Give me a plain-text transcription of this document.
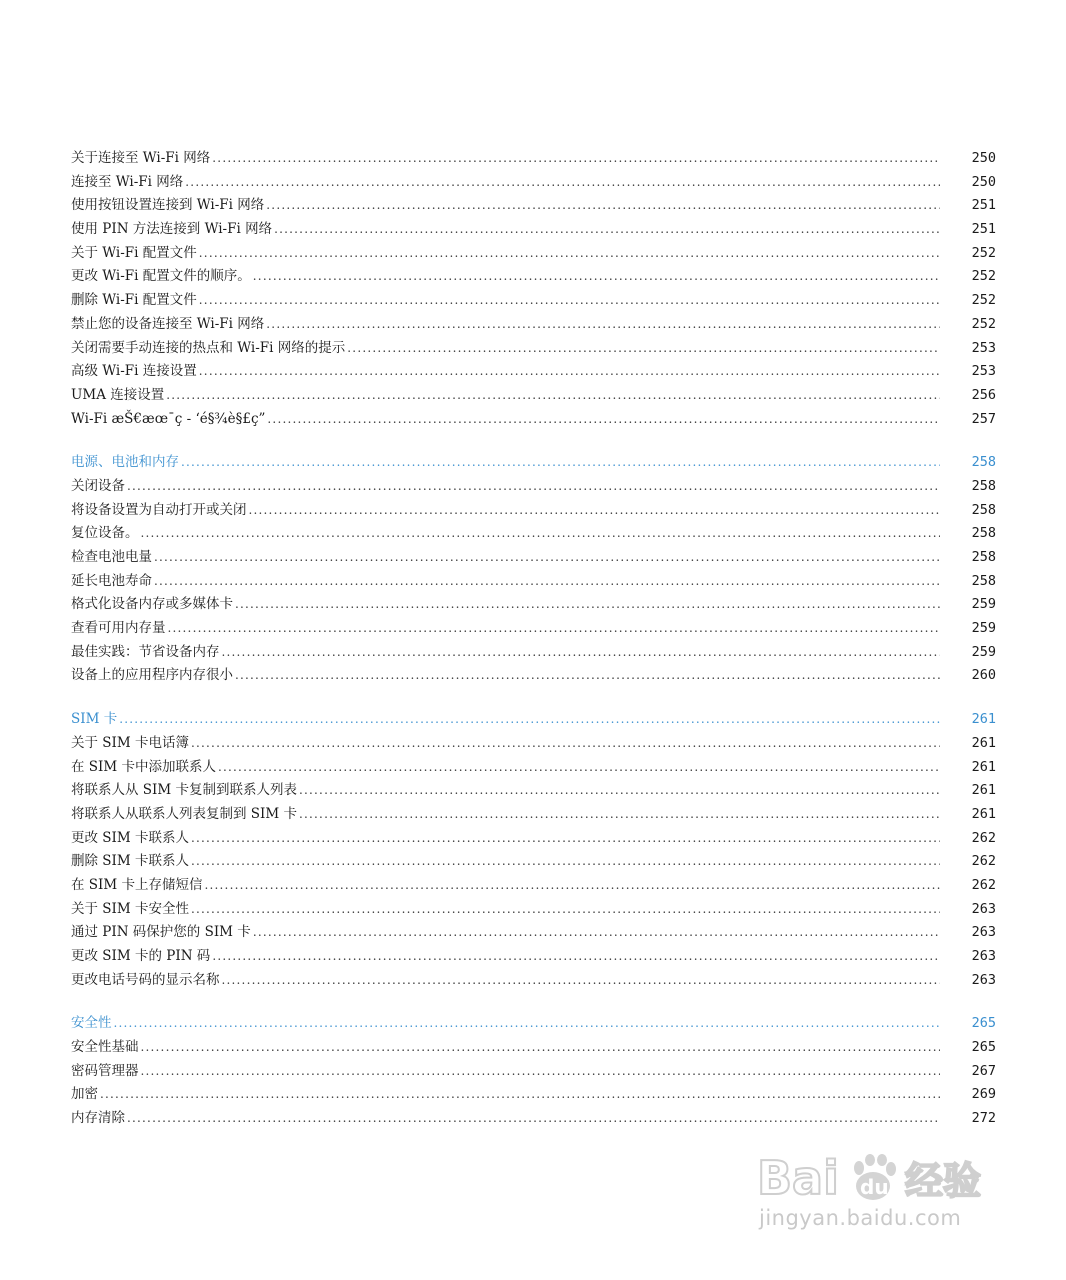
关于连接至 Wi-Fi 网络 .....	250
连接至 Wi-Fi 网络 .....	250
使用按钮设置连接到 Wi-Fi 网络 .....	251
使用 PIN 方法连接到 Wi-Fi 网络 .....	251
关于 Wi-Fi 配置文件 .....	252
更改 Wi-Fi 配置文件的顺序。 .....	252
删除 Wi-Fi 配置文件 .....	252
禁止您的设备连接至 Wi-Fi 网络 .....	252
关闭需要手动连接的热点和 Wi-Fi 网络的提示 .....	253
高级 Wi-Fi 连接设置 .....	253
UMA 连接设置 .....	256
Wi-Fi æŠ€æœ¯ç - ‘é§¾è§£ç” .....	257
电源、电池和内存 .....	258
关闭设备 .....	258
将设备设置为自动打开或关闭 .....	258
复位设备。 .....	258
检查电池电量 .....	258
延长电池寿命 .....	258
格式化设备内存或多媒体卡 .....	259
查看可用内存量 .....	259
最佳实践：节省设备内存 .....	259
设备上的应用程序内存很小 .....	260
SIM 卡 .....	261
关于 SIM 卡电话簿 .....	261
在 SIM 卡中添加联系人 .....	261
将联系人从 SIM 卡复制到联系人列表 .....	261
将联系人从联系人列表复制到 SIM 卡 .....	261
更改 SIM 卡联系人 .....	262
删除 SIM 卡联系人 .....	262
在 SIM 卡上存储短信 .....	262
关于 SIM 卡安全性 .....	263
通过 PIN 码保护您的 SIM 卡 .....	263
更改 SIM 卡的 PIN 码 .....	263
更改电话号码的显示名称 .....	263
安全性 .....	265
安全性基础 .....	265
密码管理器 .....	267
加密 .....	269
内存清除 .....	272
Bai du 经验
jingyan.baidu.com
